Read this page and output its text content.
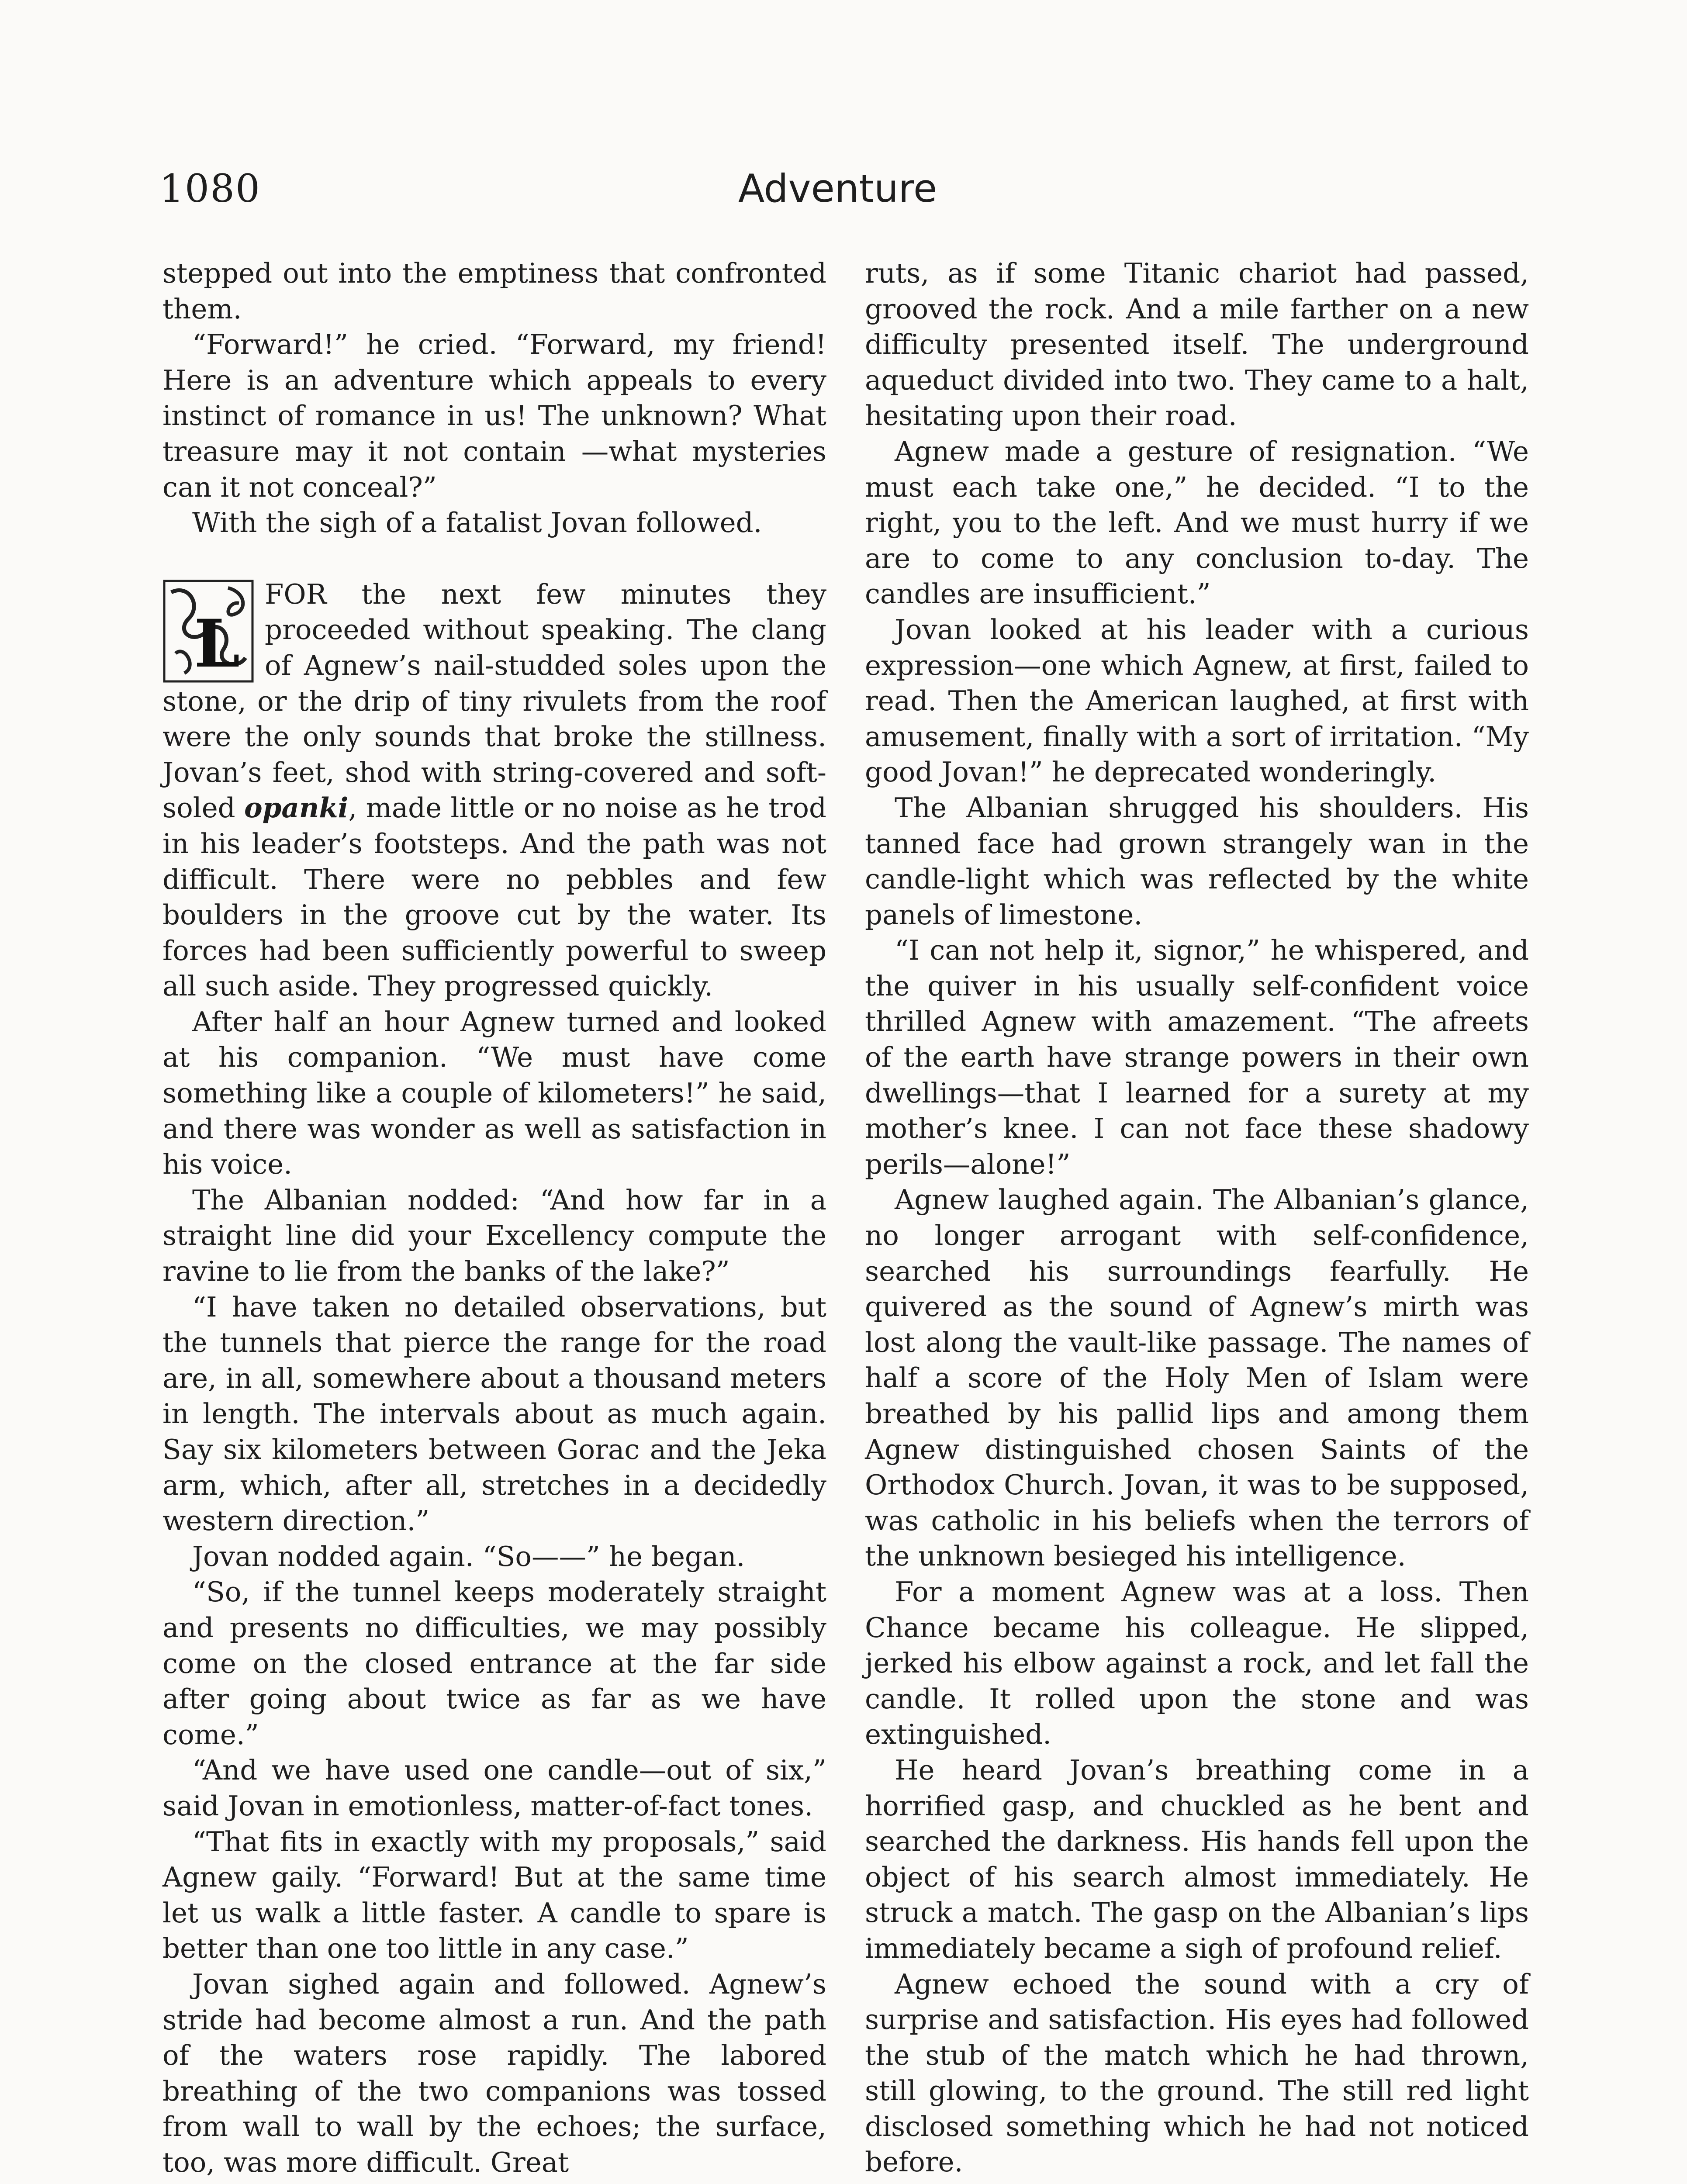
1080	Adventure

stepped out into the emptiness that confronted them.

“Forward!” he cried. “Forward, my friend! Here is an adventure which appeals to every instinct of romance in us! The unknown? What treasure may it not contain —what mysteries can it not conceal?”

With the sigh of a fatalist Jovan followed.

L
FOR the next few minutes they proceeded without speaking. The clang of Agnew’s nail-studded soles upon the stone, or the drip of tiny rivulets from the roof were the only sounds that broke the stillness. Jovan’s feet, shod with string-covered and soft-soled opanki, made little or no noise as he trod in his leader’s footsteps. And the path was not difficult. There were no pebbles and few boulders in the groove cut by the water. Its forces had been sufficiently powerful to sweep all such aside. They progressed quickly.

After half an hour Agnew turned and looked at his companion. “We must have come something like a couple of kilometers!” he said, and there was wonder as well as satisfaction in his voice.

The Albanian nodded: “And how far in a straight line did your Excellency compute the ravine to lie from the banks of the lake?”

“I have taken no detailed observations, but the tunnels that pierce the range for the road are, in all, somewhere about a thousand meters in length. The intervals about as much again. Say six kilometers between Gorac and the Jeka arm, which, after all, stretches in a decidedly western direction.”

Jovan nodded again. “So——” he began.

“So, if the tunnel keeps moderately straight and presents no difficulties, we may possibly come on the closed entrance at the far side after going about twice as far as we have come.”

“And we have used one candle—out of six,” said Jovan in emotionless, matter-of-fact tones.

“That fits in exactly with my proposals,” said Agnew gaily. “Forward! But at the same time let us walk a little faster. A candle to spare is better than one too little in any case.”

Jovan sighed again and followed. Agnew’s stride had become almost a run. And the path of the waters rose rapidly. The labored breathing of the two companions was tossed from wall to wall by the echoes; the surface, too, was more difficult. Great

ruts, as if some Titanic chariot had passed, grooved the rock. And a mile farther on a new difficulty presented itself. The underground aqueduct divided into two. They came to a halt, hesitating upon their road.

Agnew made a gesture of resignation. “We must each take one,” he decided. “I to the right, you to the left. And we must hurry if we are to come to any conclusion to-day. The candles are insufficient.”

Jovan looked at his leader with a curious expression—one which Agnew, at first, failed to read. Then the American laughed, at first with amusement, finally with a sort of irritation. “My good Jovan!” he deprecated wonderingly.

The Albanian shrugged his shoulders. His tanned face had grown strangely wan in the candle-light which was reflected by the white panels of limestone.

“I can not help it, signor,” he whispered, and the quiver in his usually self-confident voice thrilled Agnew with amazement. “The afreets of the earth have strange powers in their own dwellings—that I learned for a surety at my mother’s knee. I can not face these shadowy perils—alone!”

Agnew laughed again. The Albanian’s glance, no longer arrogant with self-confidence, searched his surroundings fearfully. He quivered as the sound of Agnew’s mirth was lost along the vault-like passage. The names of half a score of the Holy Men of Islam were breathed by his pallid lips and among them Agnew distinguished chosen Saints of the Orthodox Church. Jovan, it was to be supposed, was catholic in his beliefs when the terrors of the unknown besieged his intelligence.

For a moment Agnew was at a loss. Then Chance became his colleague. He slipped, jerked his elbow against a rock, and let fall the candle. It rolled upon the stone and was extinguished.

He heard Jovan’s breathing come in a horrified gasp, and chuckled as he bent and searched the darkness. His hands fell upon the object of his search almost immediately. He struck a match. The gasp on the Albanian’s lips immediately became a sigh of profound relief.

Agnew echoed the sound with a cry of surprise and satisfaction. His eyes had followed the stub of the match which he had thrown, still glowing, to the ground. The still red light disclosed something which he had not noticed before.
